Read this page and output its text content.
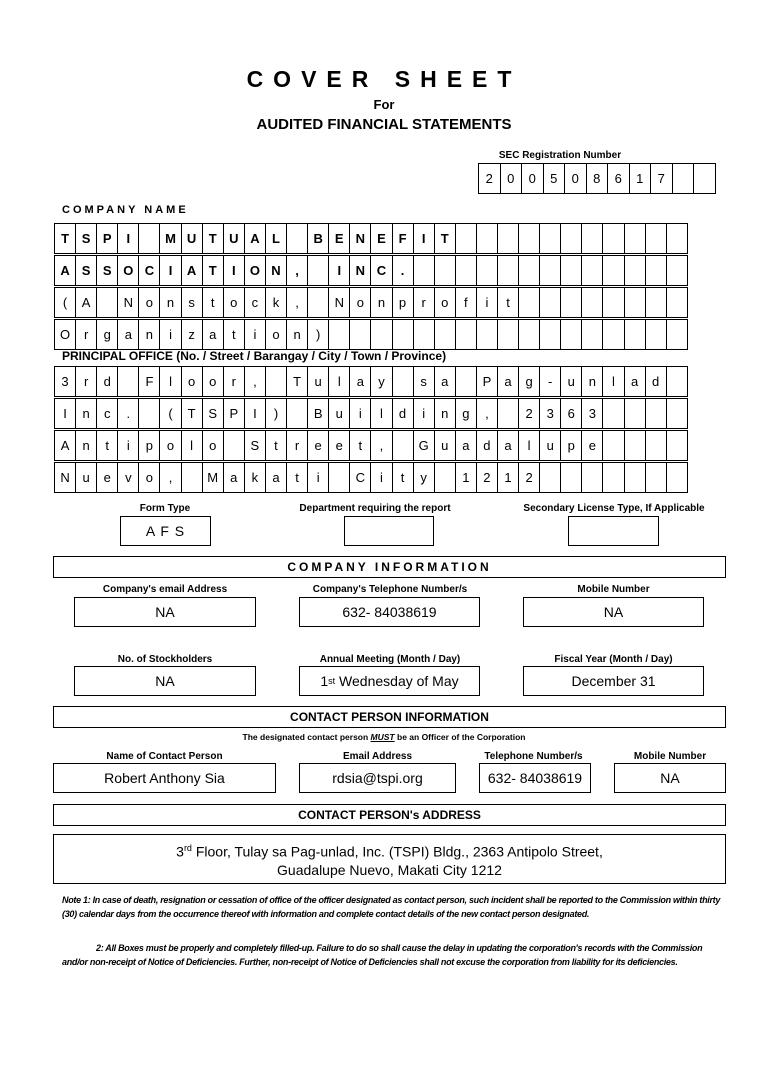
COVER SHEET
For
AUDITED FINANCIAL STATEMENTS
SEC Registration Number
2	0	0	5	0	8	6	1	7
COMPANY NAME
T S P	I	M U T U A L	B E N E F	I	T
A S S O C	I	A T	I	O N	,	I	N C	.
(	A	N o	n	s	t	o	c	k	,	N o	n	p	r	o	f	i	t
O	r	g	a	n	i	z	a	t	i	o	n	)
PRINCIPAL OFFICE (No. / Street / Barangay / City / Town / Province)
3	r	d	F	l	o	o	r	,	T	u	l	a	y	s	a	P	a	g	-	u	n	l	a	d
I	n	c	.	(	T S P	I	)	B	u	i	l	d	i	n	g	,	2	3	6	3
A	n	t	i	p	o	l	o	S	t	r	e	e	t	,	G u	a	d	a	l	u	p	e
N u	e	v	o	,	M a	k	a	t	i	C	i	t	y	1	2	1	2
Form Type
A F S
Department requiring the report	Secondary License Type, If Applicable
COMPANY INFORMATION
Company's email Address
NA
Company's Telephone Number/s
632- 84038619
Mobile Number
NA
No. of Stockholders
NA
Annual Meeting (Month / Day)
1 st Wednesday of May
Fiscal Year (Month / Day)
December 31
CONTACT PERSON INFORMATION
The designated contact person MUST be an Officer of the Corporation
Name of Contact Person
Robert Anthony Sia
Email Address
rdsia@tspi.org
Telephone Number/s
632- 84038619
Mobile Number
NA
CONTACT PERSON's ADDRESS
3rd Floor, Tulay sa Pag-unlad, Inc. (TSPI) Bldg., 2363 Antipolo Street,
Guadalupe Nuevo, Makati City 1212
Note 1: In case of death, resignation or cessation of office of the officer designated as contact person, such incident shall be reported to the Commission within thirty (30) calendar days from the occurrence thereof with information and complete contact details of the new contact person designated.
2: All Boxes must be properly and completely filled-up. Failure to do so shall cause the delay in updating the corporation's records with the Commission and/or non-receipt of Notice of Deficiencies. Further, non-receipt of Notice of Deficiencies shall not excuse the corporation from liability for its deficiencies.
